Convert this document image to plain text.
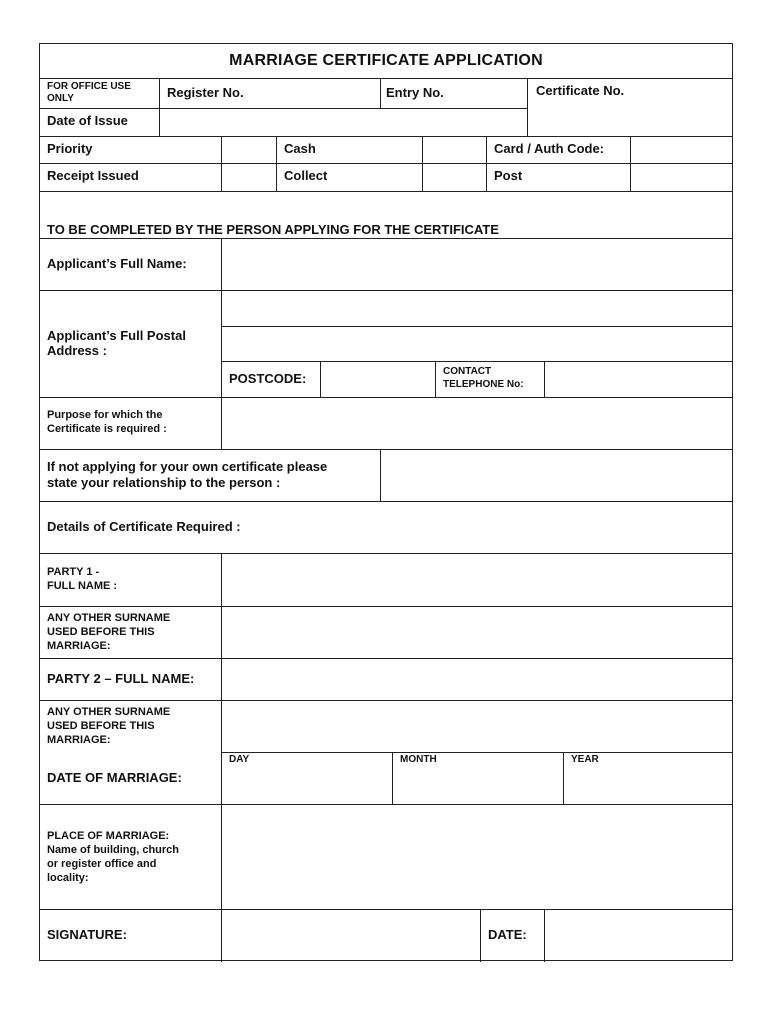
MARRIAGE CERTIFICATE APPLICATION
FOR OFFICE USE
ONLY	Register No.	Entry No.	Certificate No.
Date of Issue
Priority	Cash	Card / Auth Code:
Receipt Issued	Collect	Post
TO BE COMPLETED BY THE PERSON APPLYING FOR THE CERTIFICATE
Applicant’s Full Name:
Applicant’s Full Postal
Address :
POSTCODE:	CONTACT
TELEPHONE No:
Purpose for which the
Certificate is required :
If not applying for your own certificate please
state your relationship to the person :
Details of Certificate Required :
PARTY 1 -
FULL NAME :
ANY OTHER SURNAME
USED BEFORE THIS
MARRIAGE:
PARTY 2 – FULL NAME:
ANY OTHER SURNAME
USED BEFORE THIS
MARRIAGE:
DATE OF MARRIAGE:
DAY	MONTH	YEAR
PLACE OF MARRIAGE:
Name of building, church
or register office and
locality:
SIGNATURE:	DATE:
